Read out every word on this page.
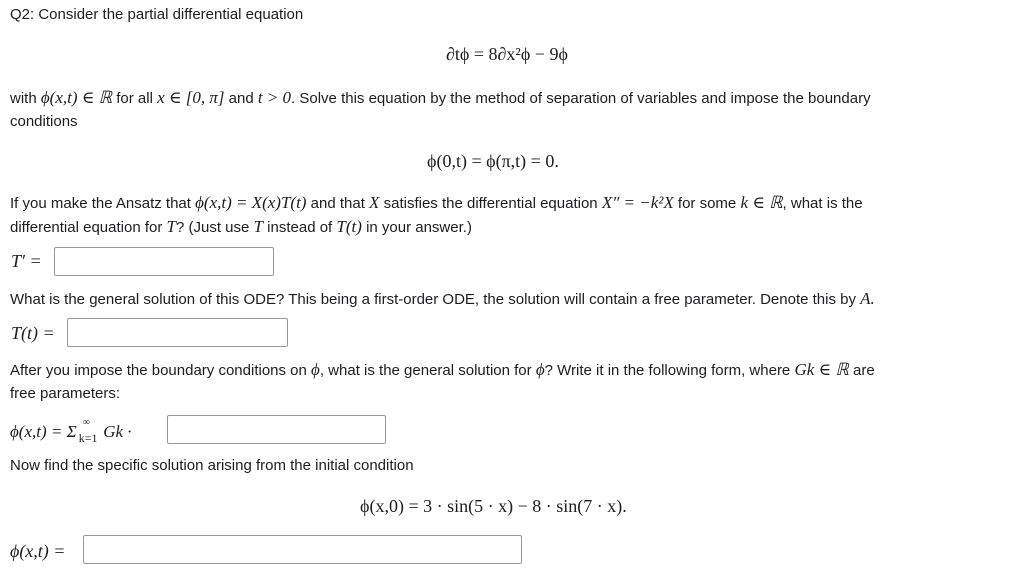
Q2: Consider the partial differential equation
∂tϕ = 8∂x²ϕ − 9ϕ
with ϕ(x,t) ∈ ℝ for all x ∈ [0, π] and t > 0. Solve this equation by the method of separation of variables and impose the boundary
conditions
ϕ(0,t) = ϕ(π,t) = 0.
If you make the Ansatz that ϕ(x,t) = X(x)T(t) and that X satisfies the differential equation X″ = −k²X for some k ∈ ℝ, what is the
differential equation for T? (Just use T instead of T(t) in your answer.)
T′ =
What is the general solution of this ODE? This being a first-order ODE, the solution will contain a free parameter. Denote this by A.
T(t) =
After you impose the boundary conditions on ϕ, what is the general solution for ϕ? Write it in the following form, where Gk ∈ ℝ are
free parameters:
ϕ(x,t) = Σ ∞
k=1 Gk ·
Now find the specific solution arising from the initial condition
ϕ(x,0) = 3 · sin(5 · x) − 8 · sin(7 · x).
ϕ(x,t) =
